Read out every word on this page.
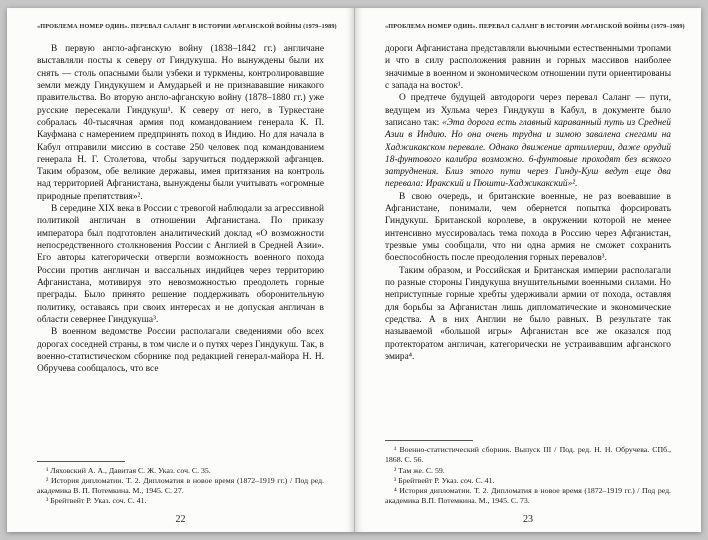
«ПРОБЛЕМА НОМЕР ОДИН». ПЕРЕВАЛ САЛАНГ В ИСТОРИИ АФГАНСКОЙ ВОЙНЫ (1979–1989)

В первую англо-афганскую войну (1838–1842 гг.) англичане выставляли посты к северу от Гиндукуша. Но вынуждены были их снять — столь опасными были узбеки и туркмены, контролировавшие земли между Гиндукушем и Амударьей и не признававшие никакого правительства. Во вторую англо-афганскую войну (1878–1880 гг.) уже русские пересекали Гиндукуш¹. К северу от него, в Туркестане собралась 40-тысячная армия под командованием генерала К. П. Кауфмана с намерением предпринять поход в Индию. Но для начала в Кабул отправили миссию в составе 250 человек под командованием генерала Н. Г. Столетова, чтобы заручиться поддержкой афганцев. Таким образом, обе великие державы, имея притязания на контроль над территорией Афганистана, вынуждены были учитывать «огромные природные препятствия»².

В середине XIX века в России с тревогой наблюдали за агрессивной политикой англичан в отношении Афганистана. По приказу императора был подготовлен аналитический доклад «О возможности непосредственного столкновения России с Англией в Средней Азии». Его авторы категорически отвергли возможность военного похода России против англичан и вассальных индийцев через территорию Афганистана, мотивируя это невозможностью преодолеть горные преграды. Было принято решение поддерживать оборонительную политику, оставаясь при своих интересах и не допуская англичан в области севернее Гиндукуша³.

В военном ведомстве России располагали сведениями обо всех дорогах соседней страны, в том числе и о путях через Гиндукуш. Так, в военно-статистическом сборнике под редакцией генерал-майора Н. Н. Обручева сообщалось, что все

¹ Ляховский А. А., Давитая С. Ж. Указ. соч. С. 35.

² История дипломатии. Т. 2. Дипломатия в новое время (1872–1919 гг.) / Под ред. академика В. П. Потемкина. М., 1945. С. 27.

³ Брейтвейт Р. Указ. соч. С. 41.

22
«ПРОБЛЕМА НОМЕР ОДИН». ПЕРЕВАЛ САЛАНГ В ИСТОРИИ АФГАНСКОЙ ВОЙНЫ (1979–1989)

дороги Афганистана представляли вьючными естественными тропами и что в силу расположения равнин и горных массивов наиболее значимые в военном и экономическом отношении пути ориентированы с запада на восток¹.

О предтече будущей автодороги через перевал Саланг — пути, ведущем из Хульма через Гиндукуш в Кабул, в документе было записано так: «Эта дорога есть главный караванный путь из Средней Азии в Индию. Но она очень трудна и зимою завалена снегами на Хаджикакском перевале. Однако движение артиллерии, даже орудий 18-фунтового калибра возможно. 6-фунтовые проходят без всякого затруднения. Близ этого пути через Гинду-Куш ведут еще два перевала: Иракский и Пюшти-Хаджикакский»².

В свою очередь, и британские военные, не раз воевавшие в Афганистане, понимали, чем обернется попытка форсировать Гиндукуш. Британской королеве, в окружении которой не менее интенсивно муссировалась тема похода в Россию через Афганистан, трезвые умы сообщали, что ни одна армия не сможет сохранить боеспособность после преодоления горных перевалов³.

Таким образом, и Российская и Британская империи располагали по разные стороны Гиндукуша внушительными военными силами. Но неприступные горные хребты удерживали армии от похода, оставляя для борьбы за Афганистан лишь дипломатические и экономические средства. А в них Англии не было равных. В результате так называемой «большой игры» Афганистан все же оказался под протекторатом англичан, категорически не устраивавшим афганского эмира⁴.

¹ Военно-статистический сборник. Выпуск III / Под. ред. Н. Н. Обручева. СПб., 1868. С. 56.

² Там же. С. 59.

³ Брейтвейт Р. Указ. соч. С. 41.

⁴ История дипломатии. Т. 2. Дипломатия в новое время (1872–1919 гг.) / Под ред. академика В.П. Потемкина. М., 1945. С. 73.

23
